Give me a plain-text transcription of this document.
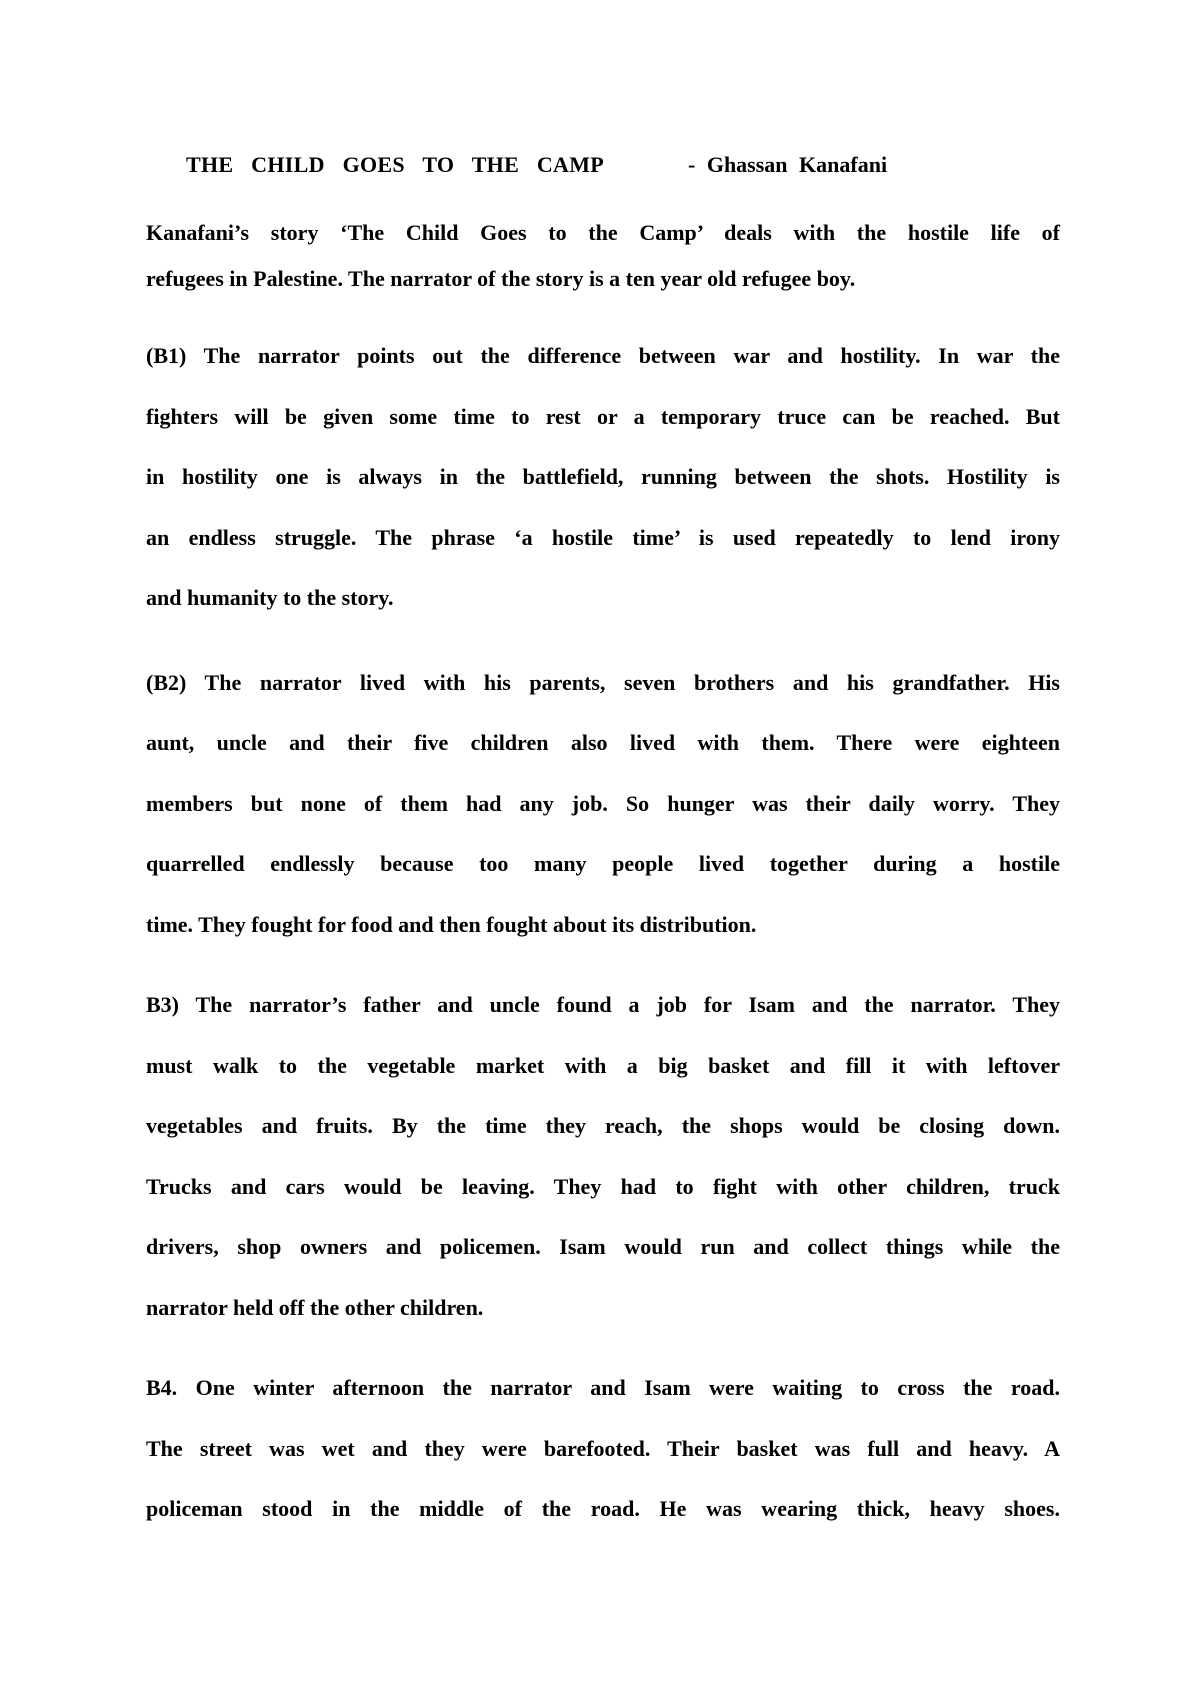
THE CHILD GOES TO THE CAMP	- Ghassan Kanafani

Kanafani’s story ‘The Child Goes to the Camp’ deals with the hostile life of
refugees in Palestine. The narrator of the story is a ten year old refugee boy.

(B1) The narrator points out the difference between war and hostility. In war the
fighters will be given some time to rest or a temporary truce can be reached. But
in hostility one is always in the battlefield, running between the shots. Hostility is
an endless struggle. The phrase ‘a hostile time’ is used repeatedly to lend irony
and humanity to the story.

(B2) The narrator lived with his parents, seven brothers and his grandfather. His
aunt, uncle and their five children also lived with them. There were eighteen
members but none of them had any job. So hunger was their daily worry. They
quarrelled endlessly because too many people lived together during a hostile
time. They fought for food and then fought about its distribution.

B3) The narrator’s father and uncle found a job for Isam and the narrator. They
must walk to the vegetable market with a big basket and fill it with leftover
vegetables and fruits. By the time they reach, the shops would be closing down.
Trucks and cars would be leaving. They had to fight with other children, truck
drivers, shop owners and policemen. Isam would run and collect things while the
narrator held off the other children.

B4. One winter afternoon the narrator and Isam were waiting to cross the road.
The street was wet and they were barefooted. Their basket was full and heavy. A
policeman stood in the middle of the road. He was wearing thick, heavy shoes.
